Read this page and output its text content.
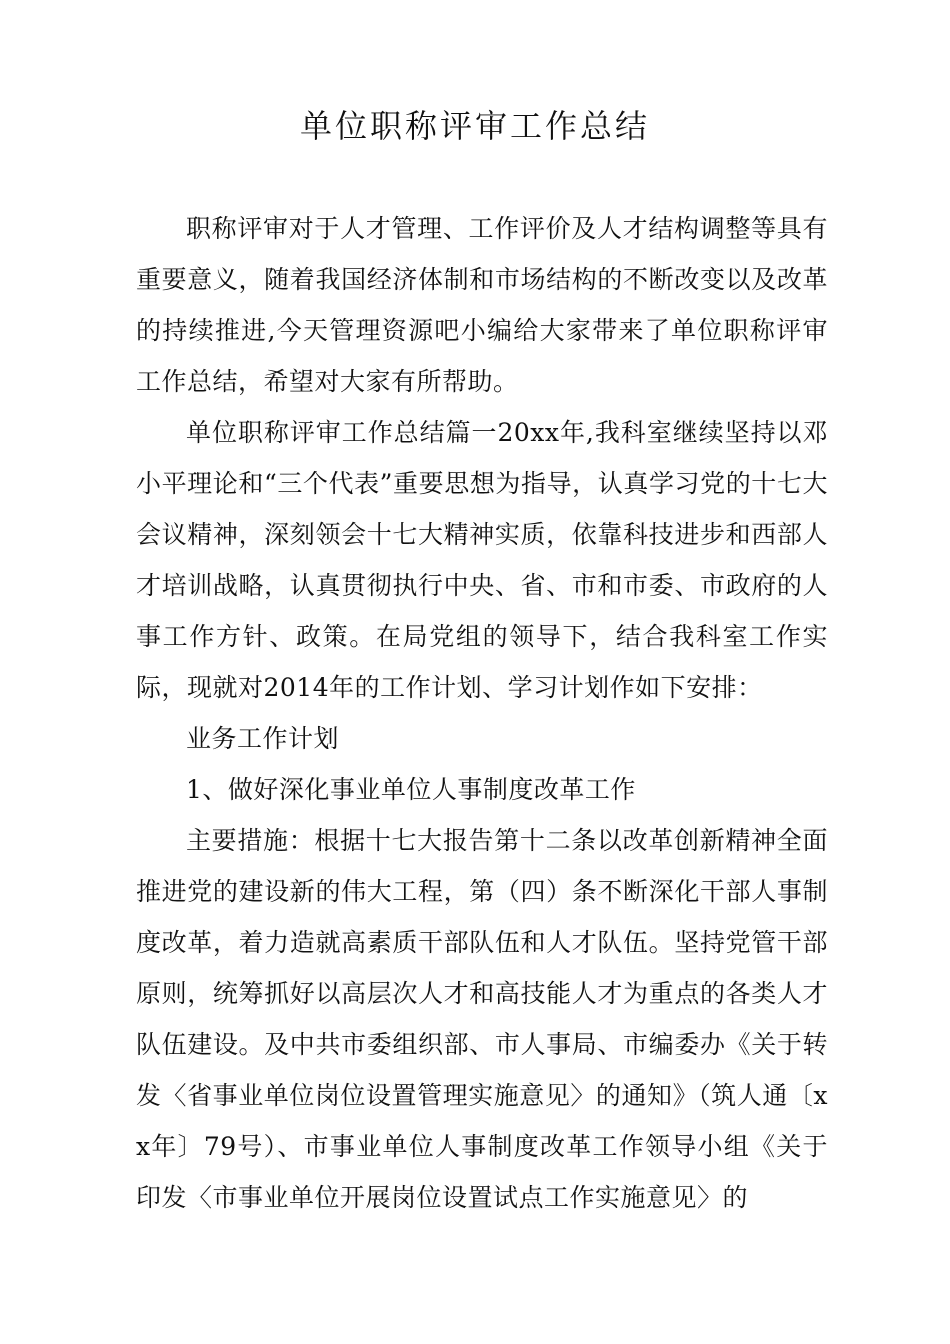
单位职称评审工作总结

职称评审对于人才管理、工作评价及人才结构调整等具有重要意义，随着我国经济体制和市场结构的不断改变以及改革的持续推进,今天管理资源吧小编给大家带来了单位职称评审工作总结，希望对大家有所帮助。

单位职称评审工作总结篇一20xx年,我科室继续坚持以邓小平理论和“三个代表”重要思想为指导，认真学习党的十七大会议精神，深刻领会十七大精神实质，依靠科技进步和西部人才培训战略，认真贯彻执行中央、省、市和市委、市政府的人事工作方针、政策。在局党组的领导下，结合我科室工作实际，现就对2014年的工作计划、学习计划作如下安排：

业务工作计划

1、做好深化事业单位人事制度改革工作

主要措施：根据十七大报告第十二条以改革创新精神全面推进党的建设新的伟大工程，第（四）条不断深化干部人事制度改革，着力造就高素质干部队伍和人才队伍。坚持党管干部原则，统筹抓好以高层次人才和高技能人才为重点的各类人才队伍建设。及中共市委组织部、市人事局、市编委办《关于转发〈省事业单位岗位设置管理实施意见〉的通知》（筑人通〔xx年〕79号）、市事业单位人事制度改革工作领导小组《关于印发〈市事业单位开展岗位设置试点工作实施意见〉的
